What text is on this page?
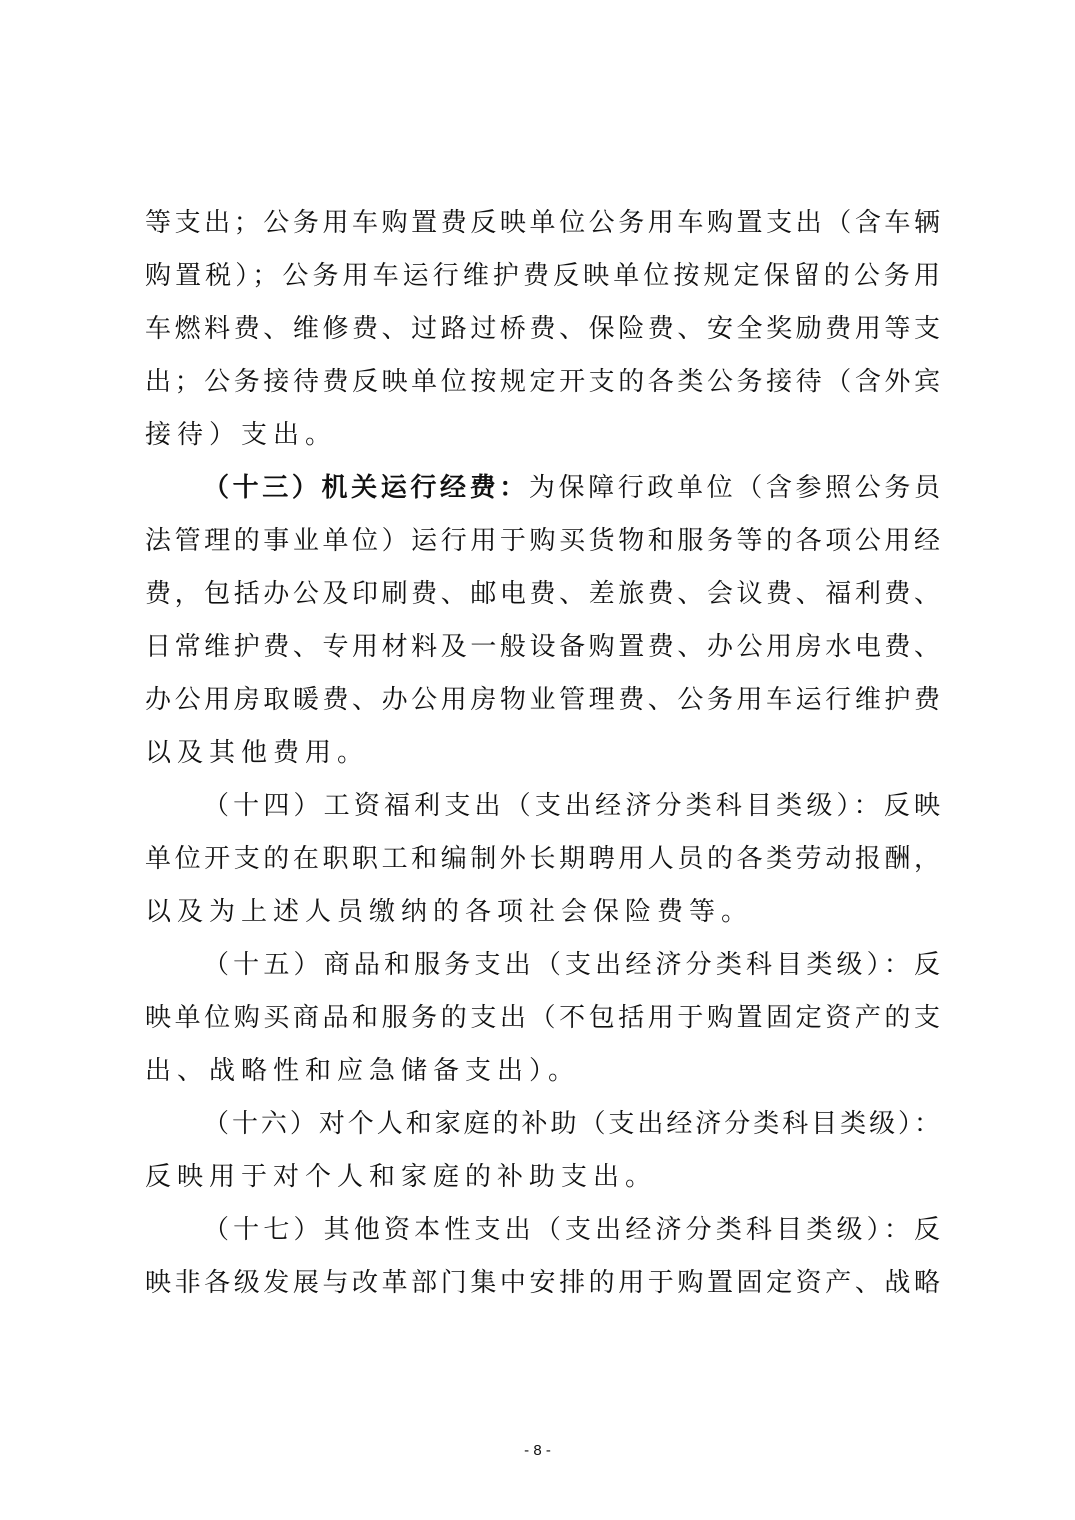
等支出；公务用车购置费反映单位公务用车购置支出（含车辆
购置税）；公务用车运行维护费反映单位按规定保留的公务用
车燃料费、维修费、过路过桥费、保险费、安全奖励费用等支
出；公务接待费反映单位按规定开支的各类公务接待（含外宾
接待）支出。
（十三）机关运行经费：为保障行政单位（含参照公务员
法管理的事业单位）运行用于购买货物和服务等的各项公用经
费，包括办公及印刷费、邮电费、差旅费、会议费、福利费、
日常维护费、专用材料及一般设备购置费、办公用房水电费、
办公用房取暖费、办公用房物业管理费、公务用车运行维护费
以及其他费用。
（十四）工资福利支出（支出经济分类科目类级）：反映
单位开支的在职职工和编制外长期聘用人员的各类劳动报酬，
以及为上述人员缴纳的各项社会保险费等。
（十五）商品和服务支出（支出经济分类科目类级）：反
映单位购买商品和服务的支出（不包括用于购置固定资产的支
出、战略性和应急储备支出）。
（十六）对个人和家庭的补助（支出经济分类科目类级）：
反映用于对个人和家庭的补助支出。
（十七）其他资本性支出（支出经济分类科目类级）：反
映非各级发展与改革部门集中安排的用于购置固定资产、战略
- 8 -
